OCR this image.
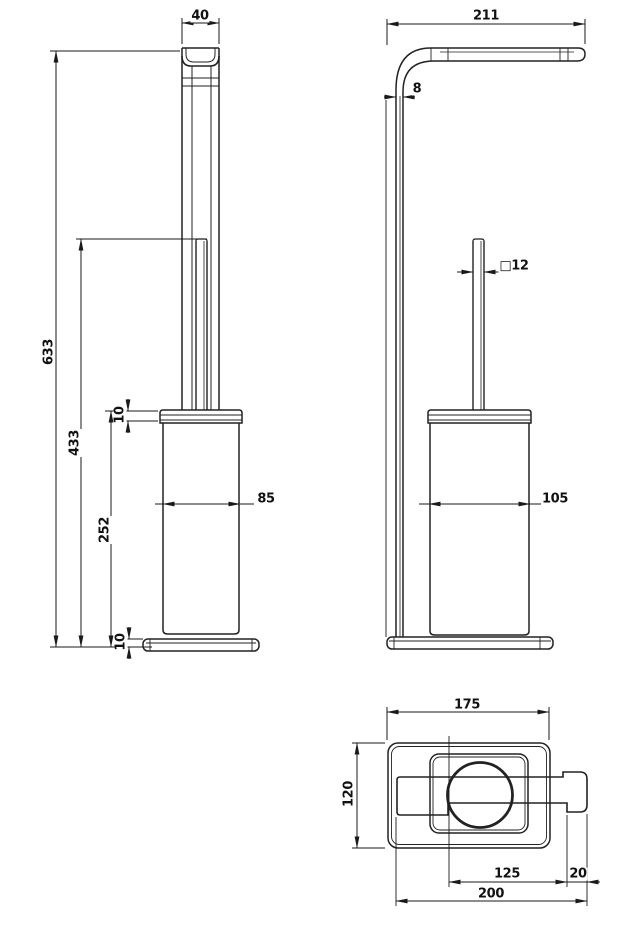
40
633
433
252
10
10
85
211
8
□12
105
175
120
125	20
200
